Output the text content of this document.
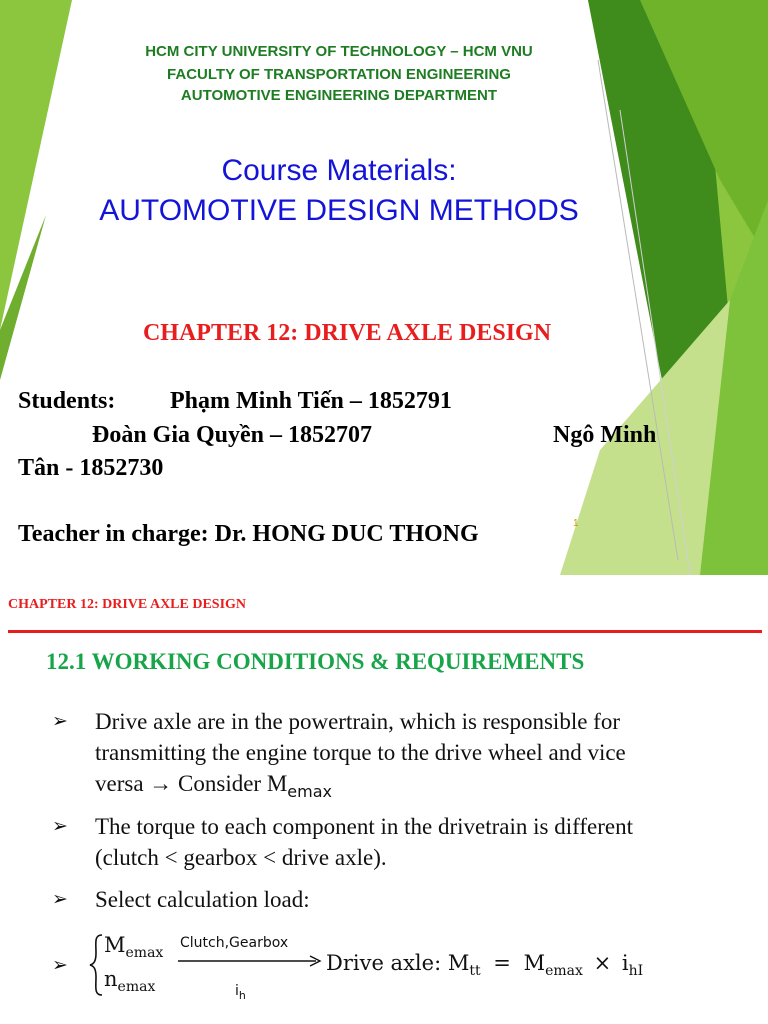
HCM CITY UNIVERSITY OF TECHNOLOGY – HCM VNU
FACULTY OF TRANSPORTATION ENGINEERING
AUTOMOTIVE ENGINEERING DEPARTMENT
Course Materials:
AUTOMOTIVE DESIGN METHODS
CHAPTER 12: DRIVE AXLE DESIGN
Students: Phạm Minh Tiến – 1852791
Đoàn Gia Quyền – 1852707	Ngô Minh
Tân - 1852730
Teacher in charge: Dr. HONG DUC THONG	1
CHAPTER 12: DRIVE AXLE DESIGN
12.1 WORKING CONDITIONS & REQUIREMENTS
➢ Drive axle are in the powertrain, which is responsible for
transmitting the engine torque to the drive wheel and vice
versa → Consider $M_{emax}$
➢ The torque to each component in the drivetrain is different
(clutch < gearbox < drive axle).
➢ Select calculation load:
➢
$M_{emax}$
$n_{emax}$
Clutch,Gearbox
$i_h$
Drive axle: $M_{tt} = M_{emax} \times i_{hI}$
